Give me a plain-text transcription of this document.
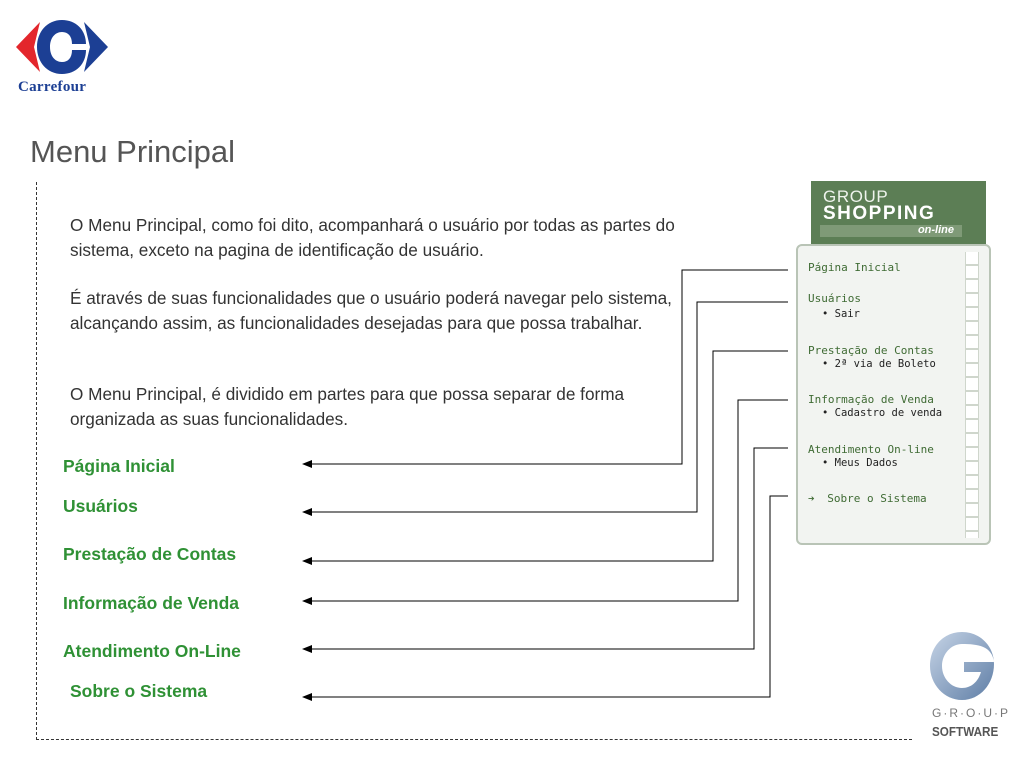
Carrefour
Menu Principal
O Menu Principal, como foi dito, acompanhará o usuário por todas as partes do sistema, exceto na pagina de identificação de usuário.
É através de suas funcionalidades que o usuário poderá navegar pelo sistema, alcançando assim, as funcionalidades desejadas para que possa trabalhar.
O Menu Principal, é dividido em partes para que possa separar de forma organizada as suas funcionalidades.
Página Inicial
Usuários
Prestação de Contas
Informação de Venda
Atendimento On-Line
Sobre o Sistema
GROUP
SHOPPING
on-line
Página Inicial
Usuários
• Sair
Prestação de Contas
• 2ª via de Boleto
Informação de Venda
• Cadastro de venda
Atendimento On-line
• Meus Dados
➔ Sobre o Sistema
G·R·O·U·P
SOFTWARE
